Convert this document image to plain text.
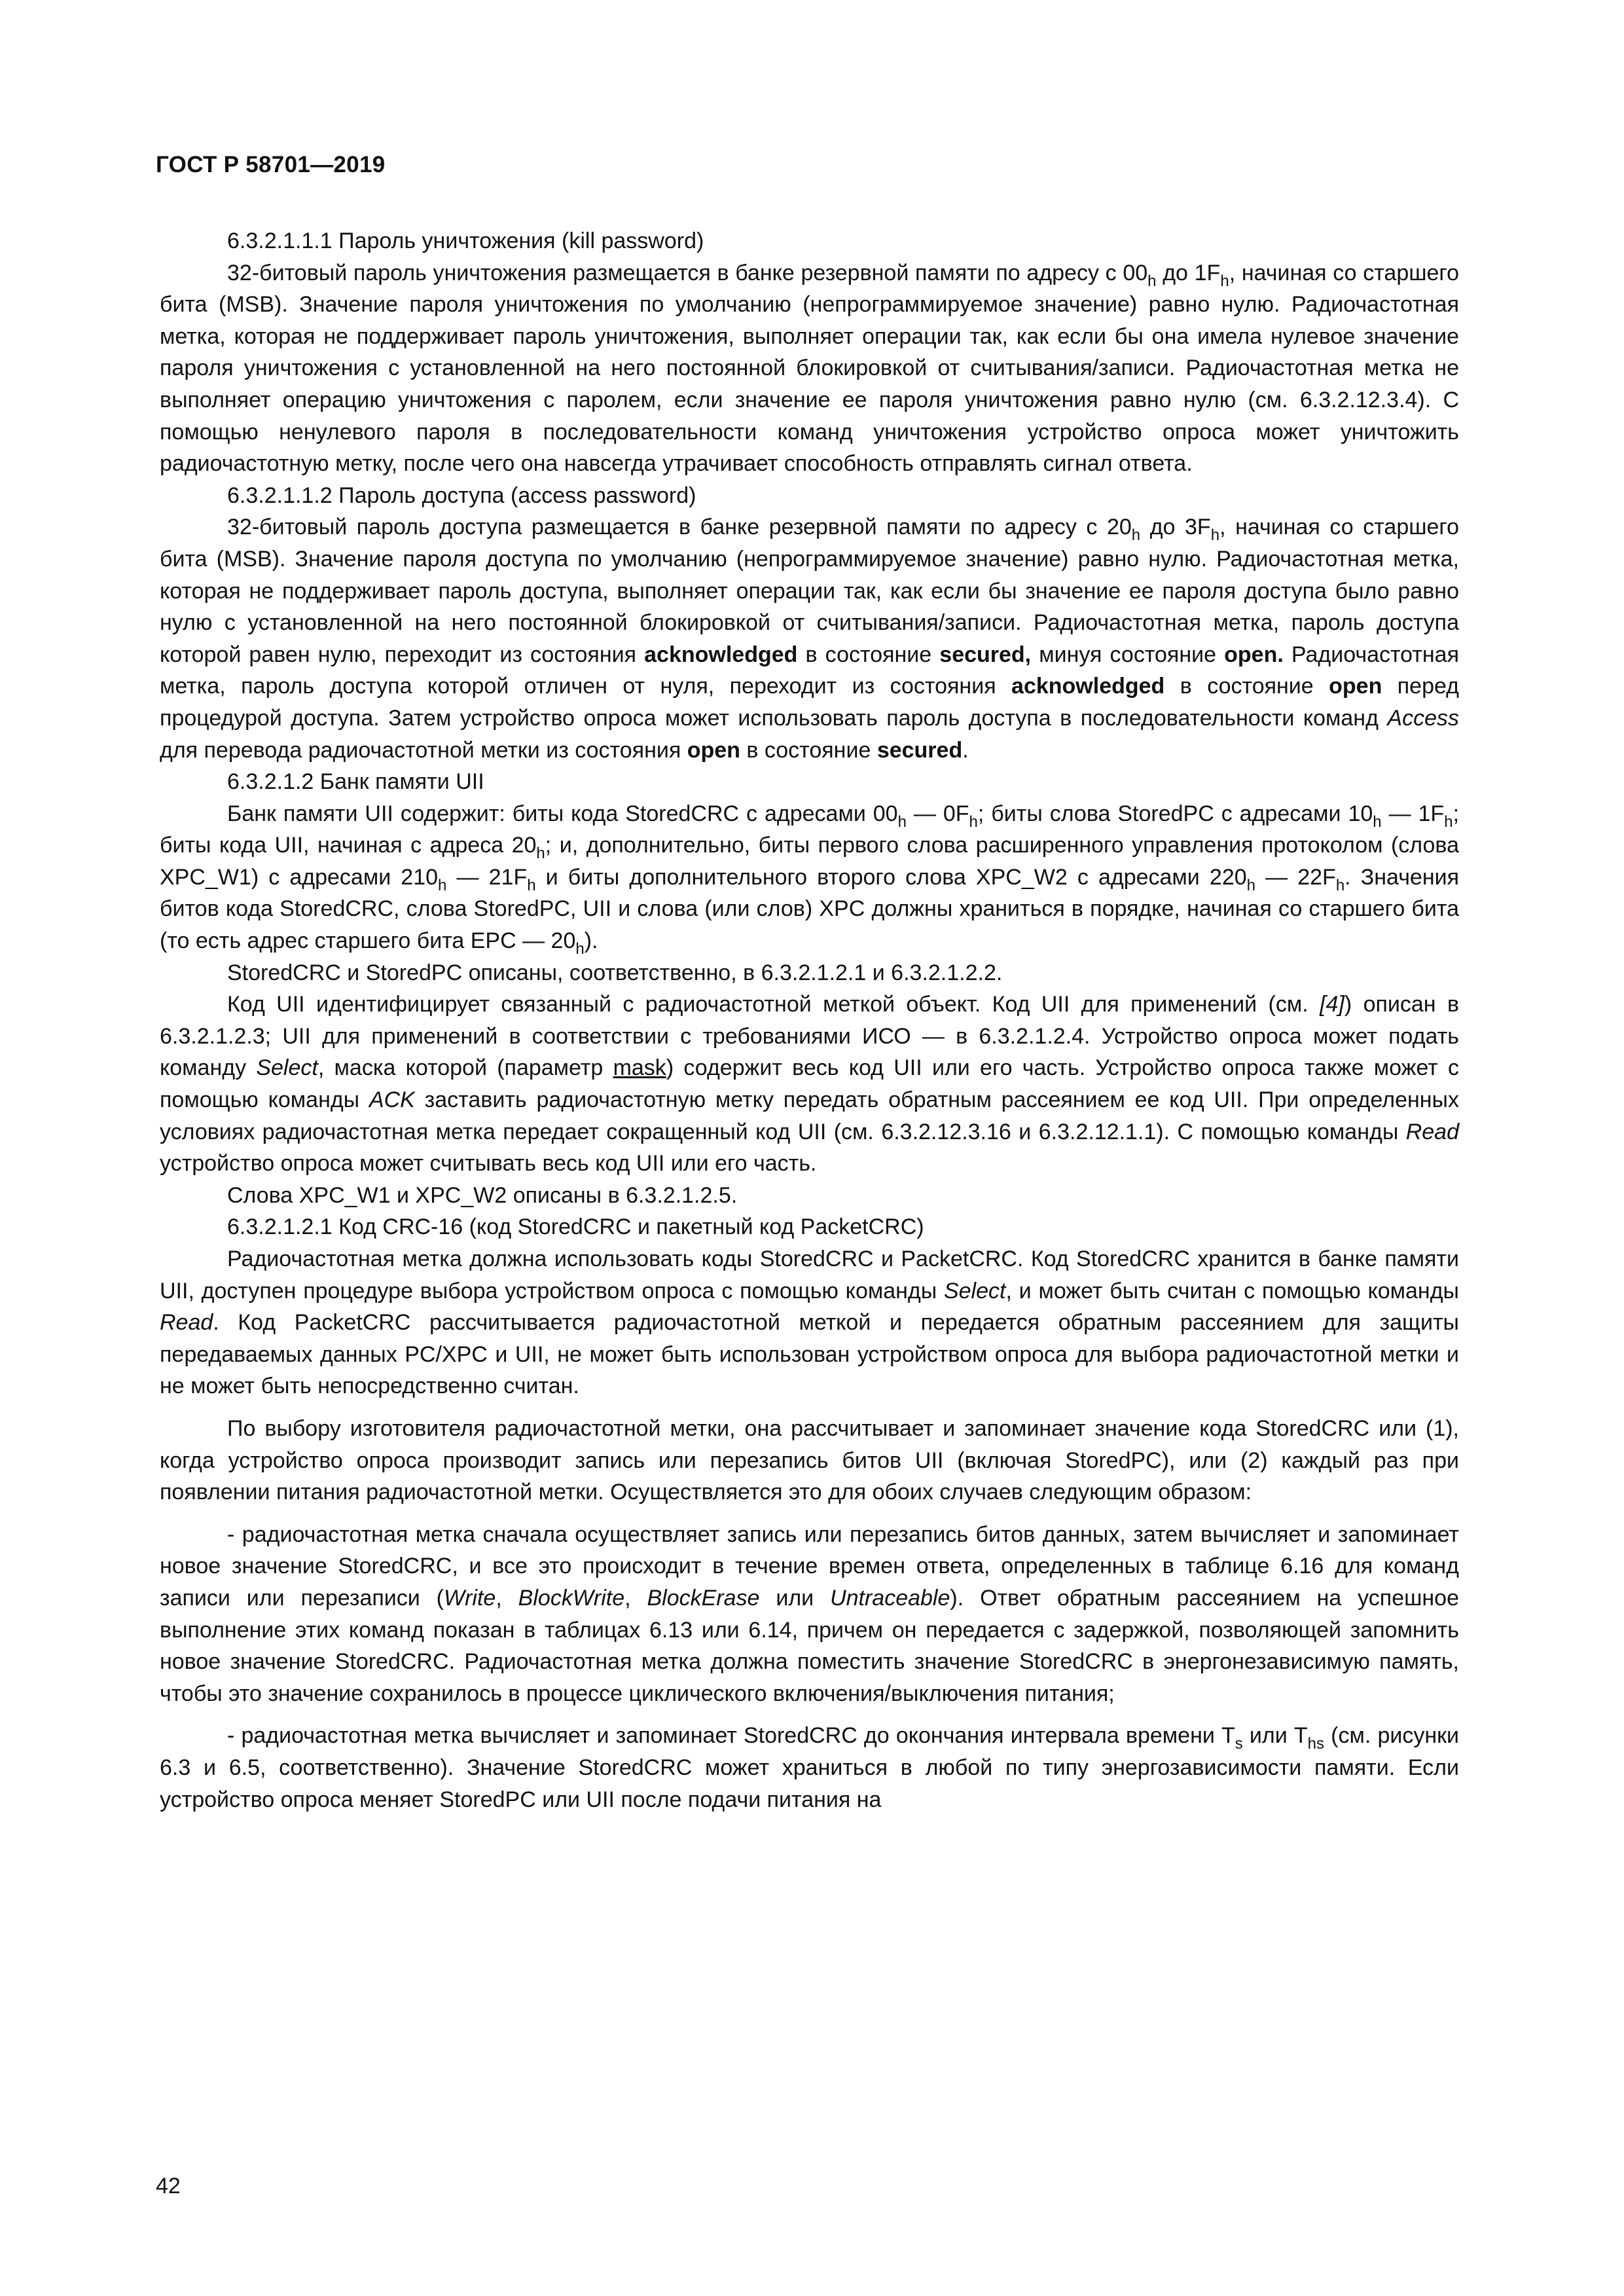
ГОСТ Р 58701—2019

6.3.2.1.1.1 Пароль уничтожения (kill password)

32-битовый пароль уничтожения размещается в банке резервной памяти по адресу с $00_h$ до $1F_h$, начиная со старшего бита (MSB). Значение пароля уничтожения по умолчанию (непрограммируемое значение) равно нулю. Радиочастотная метка, которая не поддерживает пароль уничтожения, выполняет операции так, как если бы она имела нулевое значение пароля уничтожения с установленной на него постоянной блокировкой от считывания/записи. Радиочастотная метка не выполняет операцию уничтожения с паролем, если значение ее пароля уничтожения равно нулю (см. 6.3.2.12.3.4). С помощью ненулевого пароля в последовательности команд уничтожения устройство опроса может уничтожить радиочастотную метку, после чего она навсегда утрачивает способность отправлять сигнал ответа.

6.3.2.1.1.2 Пароль доступа (access password)

32-битовый пароль доступа размещается в банке резервной памяти по адресу с $20_h$ до $3F_h$, начиная со старшего бита (MSB). Значение пароля доступа по умолчанию (непрограммируемое значение) равно нулю. Радиочастотная метка, которая не поддерживает пароль доступа, выполняет операции так, как если бы значение ее пароля доступа было равно нулю с установленной на него постоянной блокировкой от считывания/записи. Радиочастотная метка, пароль доступа которой равен нулю, переходит из состояния acknowledged в состояние secured, минуя состояние open. Радиочастотная метка, пароль доступа которой отличен от нуля, переходит из состояния acknowledged в состояние open перед процедурой доступа. Затем устройство опроса может использовать пароль доступа в последовательности команд Access для перевода радиочастотной метки из состояния open в состояние secured.

6.3.2.1.2 Банк памяти UII

Банк памяти UII содержит: биты кода StoredCRC с адресами $00_h$ — $0F_h$; биты слова StoredPC с адресами $10_h$ — $1F_h$; биты кода UII, начиная с адреса $20_h$; и, дополнительно, биты первого слова расширенного управления протоколом (слова XPC_W1) с адресами $210_h$ — $21F_h$ и биты дополнительного второго слова XPC_W2 с адресами $220_h$ — $22F_h$. Значения битов кода StoredCRC, слова StoredPC, UII и слова (или слов) XPC должны храниться в порядке, начиная со старшего бита (то есть адрес старшего бита EPC — $20_h$).

StoredCRC и StoredPC описаны, соответственно, в 6.3.2.1.2.1 и 6.3.2.1.2.2.

Код UII идентифицирует связанный с радиочастотной меткой объект. Код UII для применений (см. [4]) описан в 6.3.2.1.2.3; UII для применений в соответствии с требованиями ИСО — в 6.3.2.1.2.4. Устройство опроса может подать команду Select, маска которой (параметр mask) содержит весь код UII или его часть. Устройство опроса также может с помощью команды ACK заставить радиочастотную метку передать обратным рассеянием ее код UII. При определенных условиях радиочастотная метка передает сокращенный код UII (см. 6.3.2.12.3.16 и 6.3.2.12.1.1). С помощью команды Read устройство опроса может считывать весь код UII или его часть.

Слова XPC_W1 и XPC_W2 описаны в 6.3.2.1.2.5.

6.3.2.1.2.1 Код CRC-16 (код StoredCRC и пакетный код PacketCRC)

Радиочастотная метка должна использовать коды StoredCRC и PacketCRC. Код StoredCRC хранится в банке памяти UII, доступен процедуре выбора устройством опроса с помощью команды Select, и может быть считан с помощью команды Read. Код PacketCRC рассчитывается радиочастотной меткой и передается обратным рассеянием для защиты передаваемых данных PC/XPC и UII, не может быть использован устройством опроса для выбора радиочастотной метки и не может быть непосредственно считан.

По выбору изготовителя радиочастотной метки, она рассчитывает и запоминает значение кода StoredCRC или (1), когда устройство опроса производит запись или перезапись битов UII (включая StoredPC), или (2) каждый раз при появлении питания радиочастотной метки. Осуществляется это для обоих случаев следующим образом:

- радиочастотная метка сначала осуществляет запись или перезапись битов данных, затем вычисляет и запоминает новое значение StoredCRC, и все это происходит в течение времен ответа, определенных в таблице 6.16 для команд записи или перезаписи (Write, BlockWrite, BlockErase или Untraceable). Ответ обратным рассеянием на успешное выполнение этих команд показан в таблицах 6.13 или 6.14, причем он передается с задержкой, позволяющей запомнить новое значение StoredCRC. Радиочастотная метка должна поместить значение StoredCRC в энергонезависимую память, чтобы это значение сохранилось в процессе циклического включения/выключения питания;

- радиочастотная метка вычисляет и запоминает StoredCRC до окончания интервала времени $T_s$ или $T_{hs}$ (см. рисунки 6.3 и 6.5, соответственно). Значение StoredCRC может храниться в любой по типу энергозависимости памяти. Если устройство опроса меняет StoredPC или UII после подачи питания на

42
